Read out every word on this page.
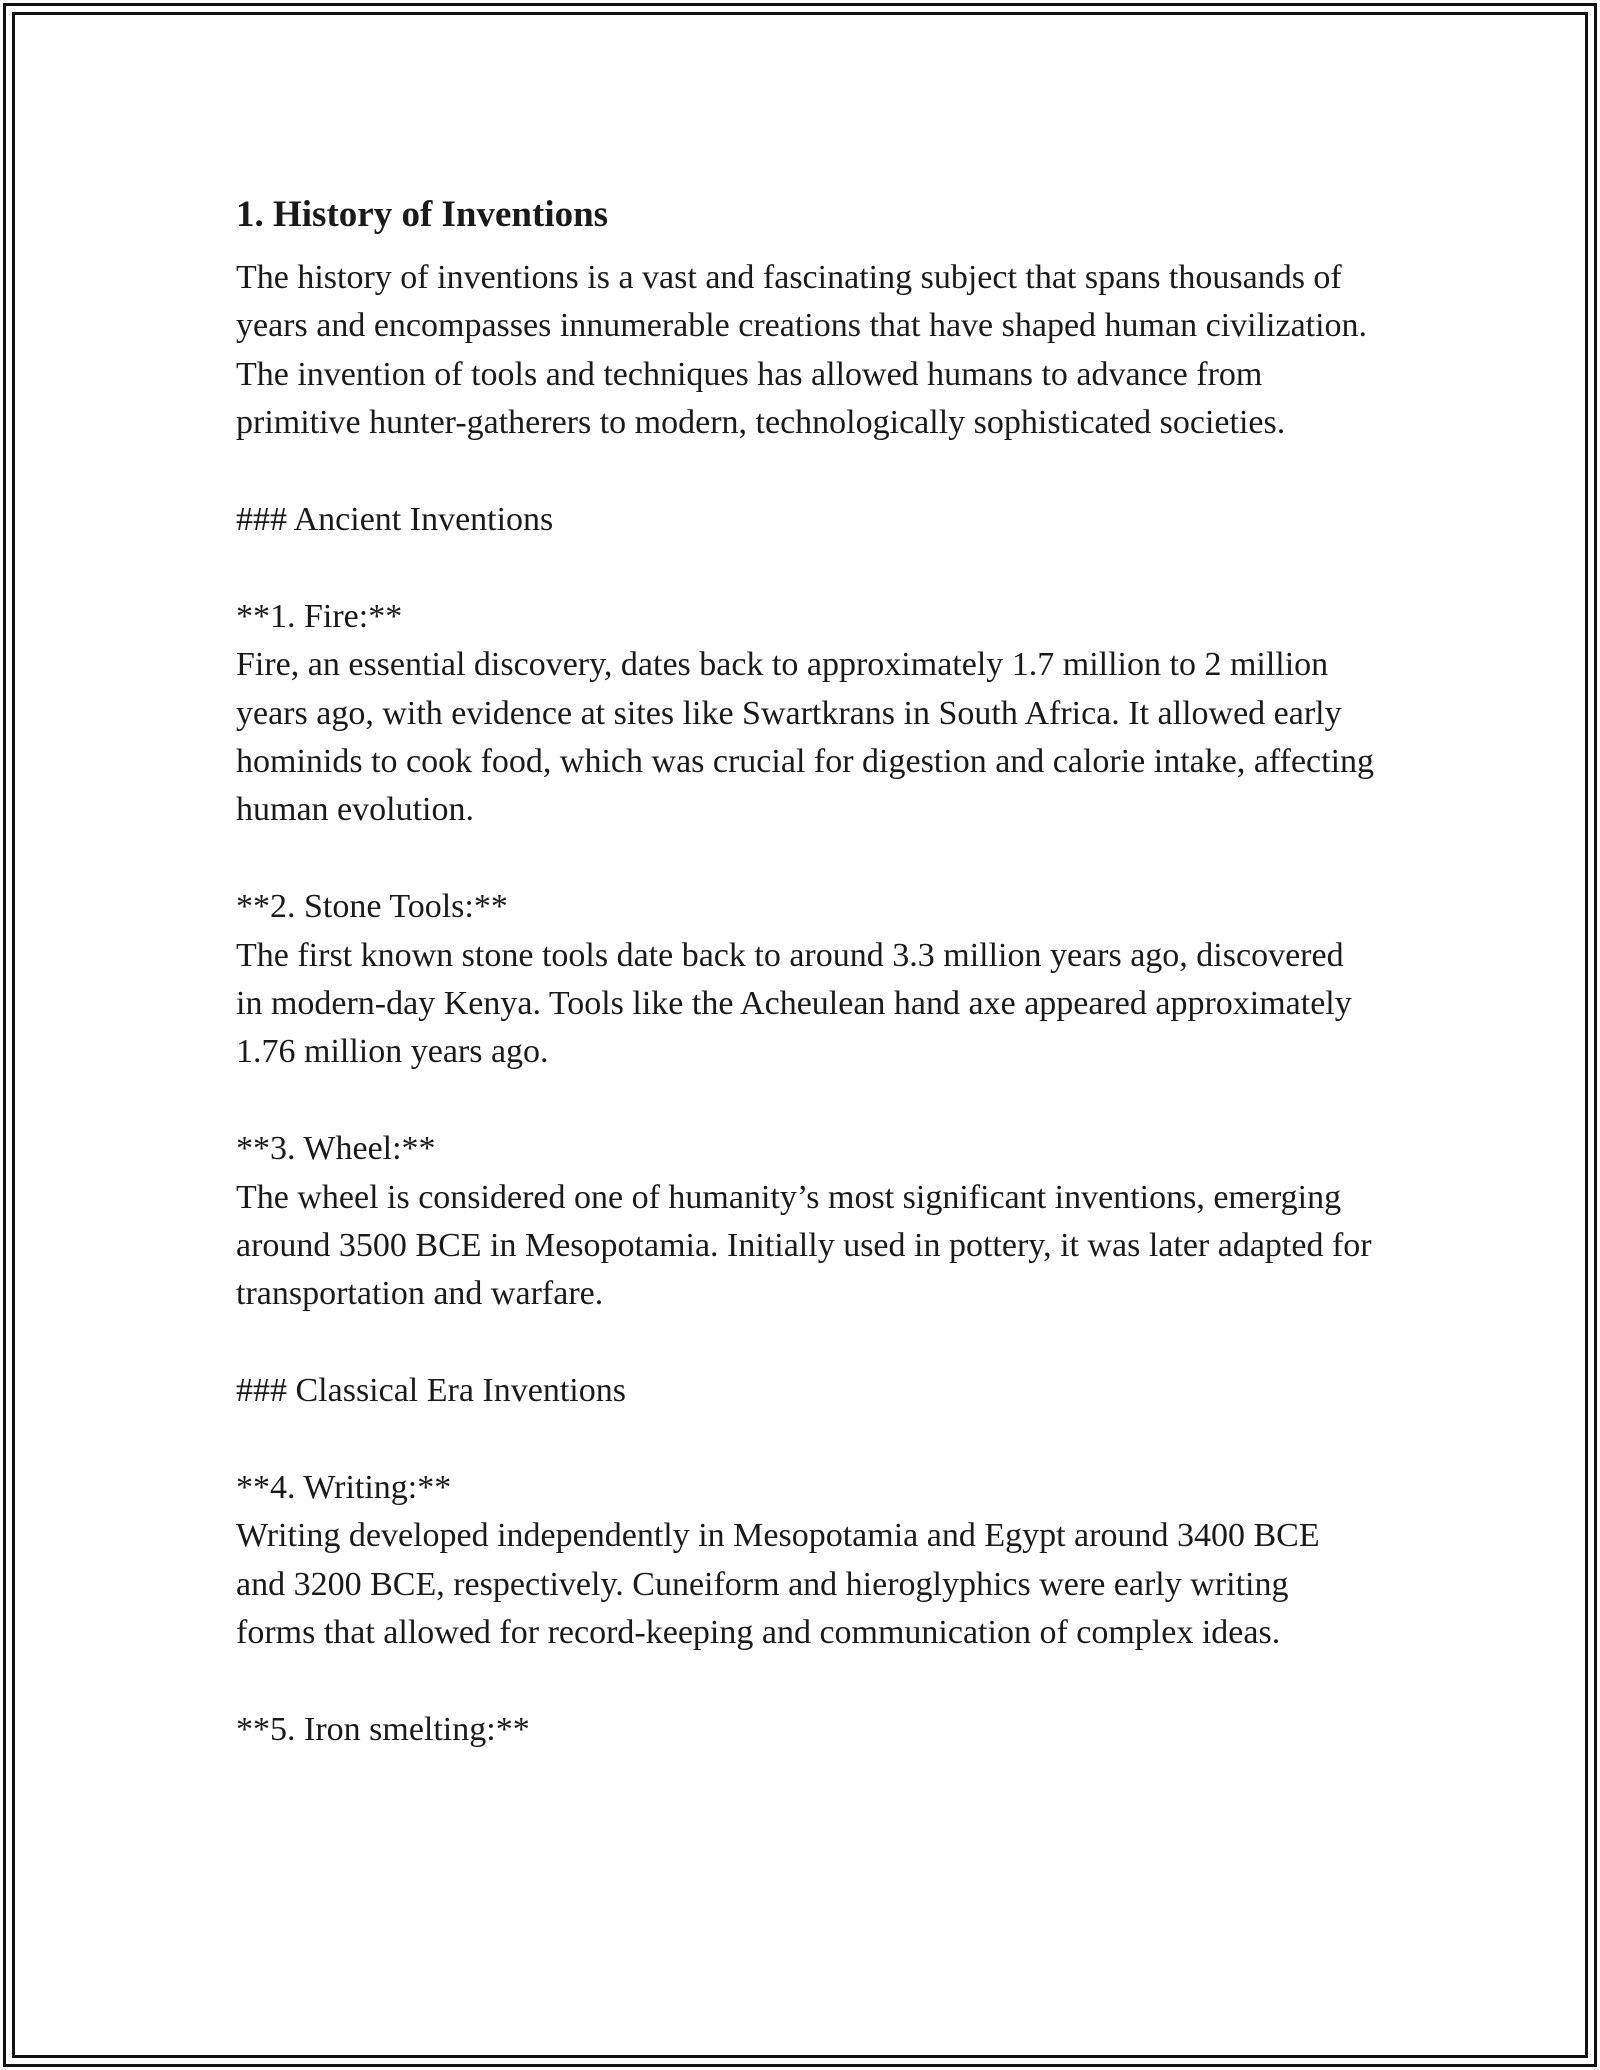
1. History of Inventions

The history of inventions is a vast and fascinating subject that spans thousands of years and encompasses innumerable creations that have shaped human civilization. The invention of tools and techniques has allowed humans to advance from primitive hunter-gatherers to modern, technologically sophisticated societies.

### Ancient Inventions

**1. Fire:**

Fire, an essential discovery, dates back to approximately 1.7 million to 2 million years ago, with evidence at sites like Swartkrans in South Africa. It allowed early hominids to cook food, which was crucial for digestion and calorie intake, affecting human evolution.

**2. Stone Tools:**

The first known stone tools date back to around 3.3 million years ago, discovered in modern-day Kenya. Tools like the Acheulean hand axe appeared approximately 1.76 million years ago.

**3. Wheel:**

The wheel is considered one of humanity’s most significant inventions, emerging around 3500 BCE in Mesopotamia. Initially used in pottery, it was later adapted for transportation and warfare.

### Classical Era Inventions

**4. Writing:**

Writing developed independently in Mesopotamia and Egypt around 3400 BCE and 3200 BCE, respectively. Cuneiform and hieroglyphics were early writing forms that allowed for record-keeping and communication of complex ideas.

**5. Iron smelting:**
